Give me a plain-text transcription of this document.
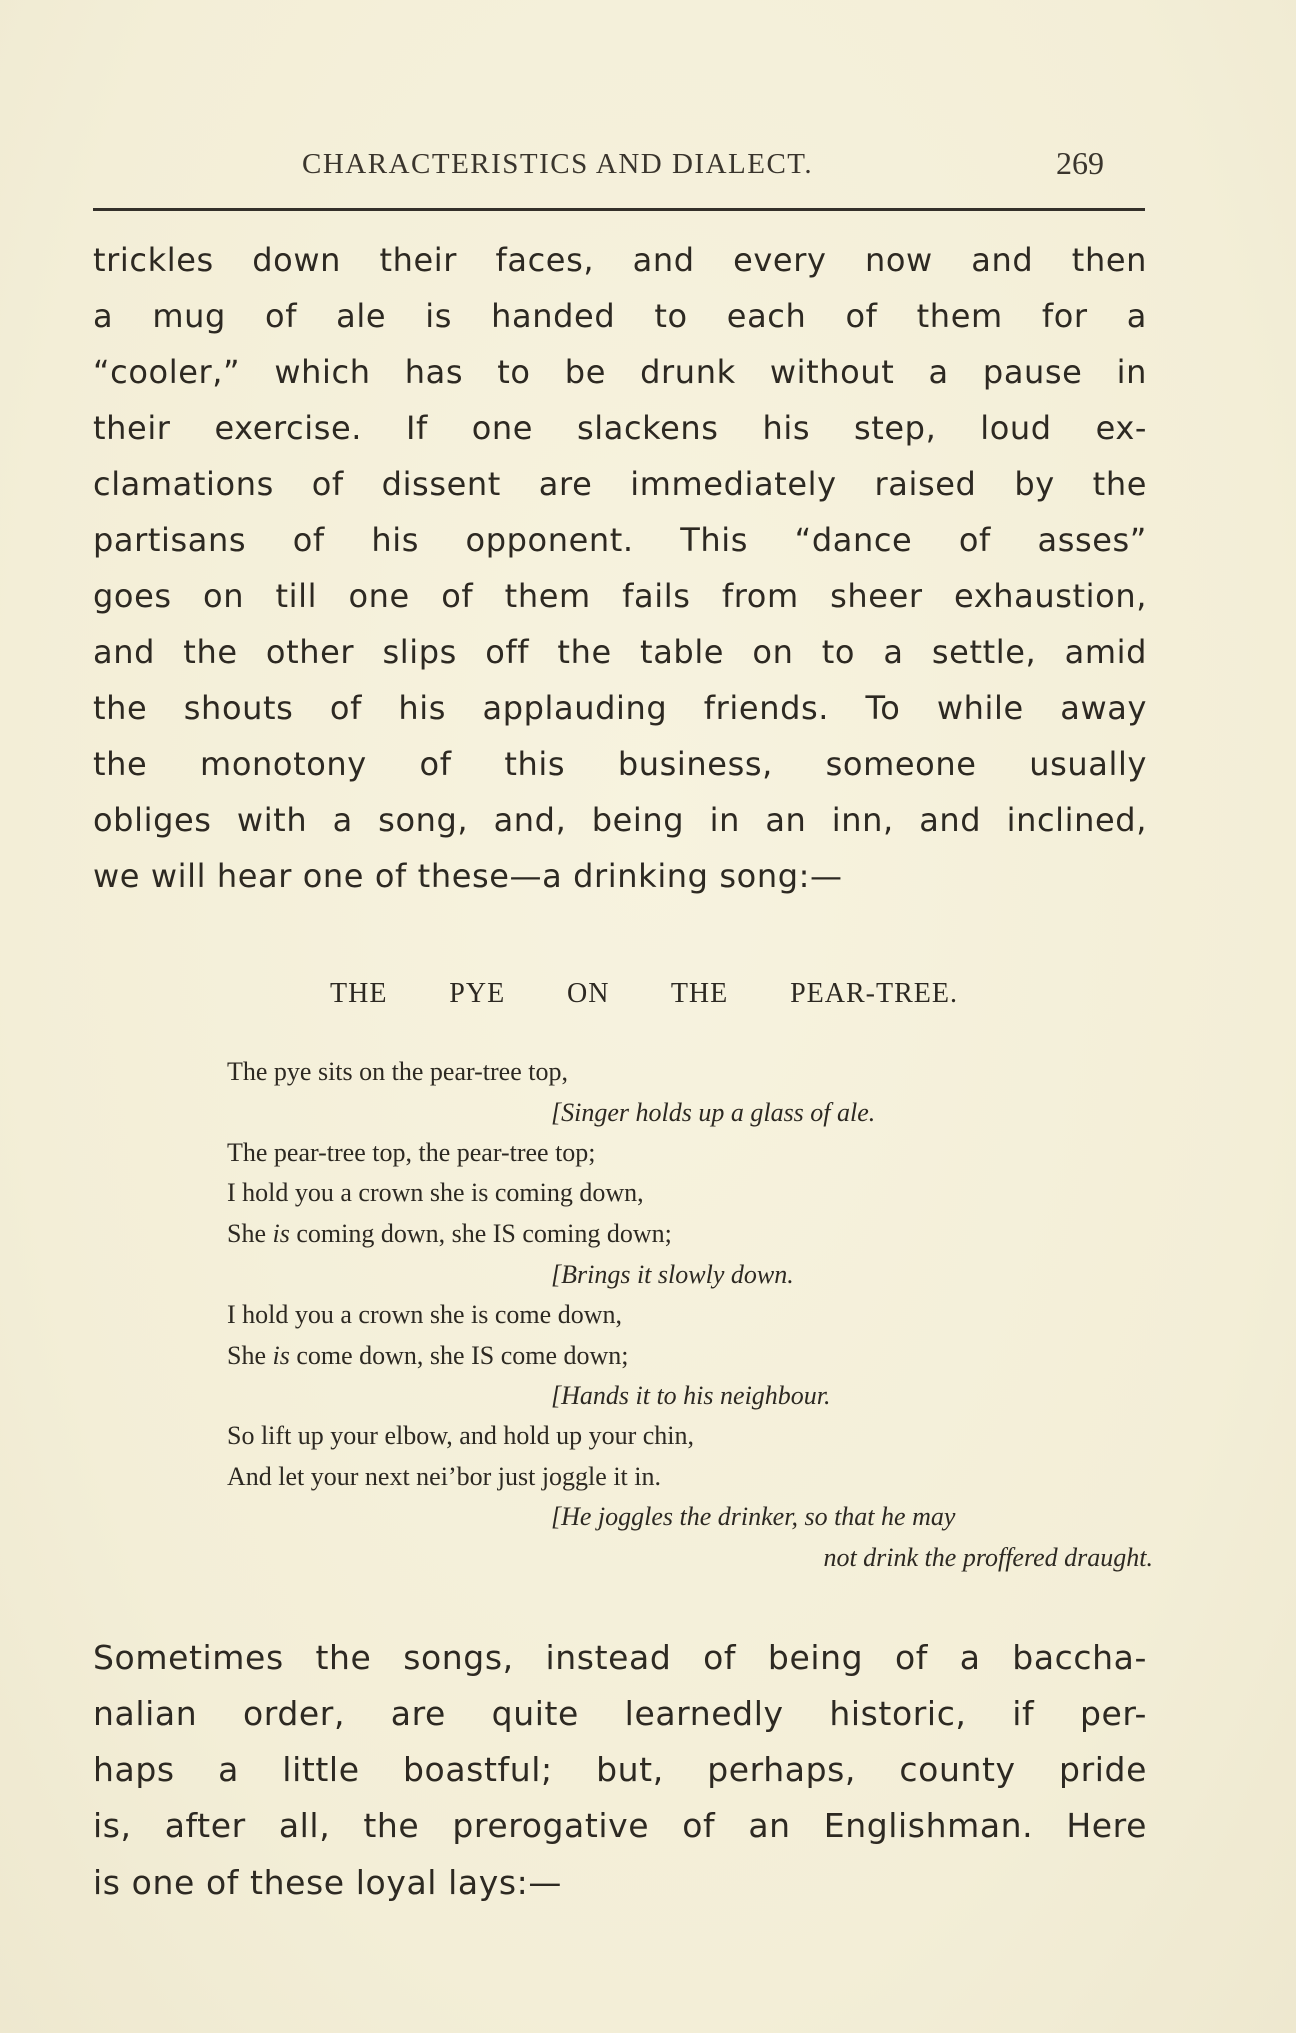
CHARACTERISTICS AND DIALECT.	269
trickles down their faces, and every now and then
a mug of ale is handed to each of them for a
“cooler,” which has to be drunk without a pause in
their exercise. If one slackens his step, loud ex-
clamations of dissent are immediately raised by the
partisans of his opponent. This “dance of asses”
goes on till one of them fails from sheer exhaustion,
and the other slips off the table on to a settle, amid
the shouts of his applauding friends. To while away
the monotony of this business, someone usually
obliges with a song, and, being in an inn, and inclined,
we will hear one of these—a drinking song:—
THE PYE ON THE PEAR-TREE.
The pye sits on the pear-tree top,
[Singer holds up a glass of ale.
The pear-tree top, the pear-tree top;
I hold you a crown she is coming down,
She is coming down, she IS coming down;
[Brings it slowly down.
I hold you a crown she is come down,
She is come down, she IS come down;
[Hands it to his neighbour.
So lift up your elbow, and hold up your chin,
And let your next nei’bor just joggle it in.
[He joggles the drinker, so that he may
not drink the proffered draught.
Sometimes the songs, instead of being of a baccha-
nalian order, are quite learnedly historic, if per-
haps a little boastful; but, perhaps, county pride
is, after all, the prerogative of an Englishman. Here
is one of these loyal lays:—
